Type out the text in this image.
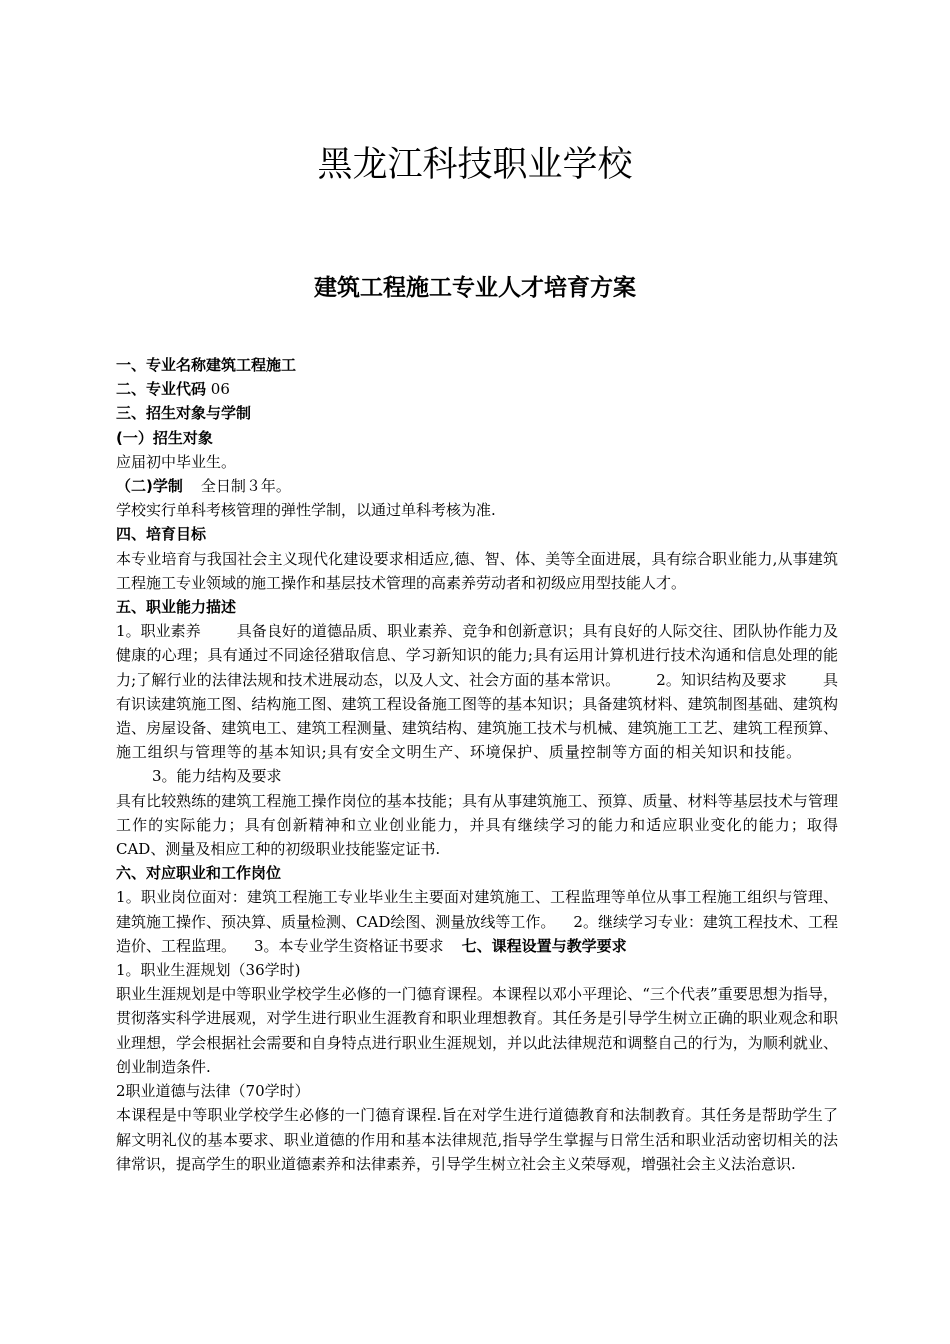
黑龙江科技职业学校
建筑工程施工专业人才培育方案

一、专业名称建筑工程施工

二、专业代码 06

三、招生对象与学制

(一）招生对象

应届初中毕业生。

（二)学制 全日制３年。

学校实行单科考核管理的弹性学制，以通过单科考核为准.

四、培育目标

本专业培育与我国社会主义现代化建设要求相适应,德、智、体、美等全面进展，具有综合职业能力,从事建筑工程施工专业领域的施工操作和基层技术管理的高素养劳动者和初级应用型技能人才。

五、职业能力描述

1。职业素养 具备良好的道德品质、职业素养、竞争和创新意识；具有良好的人际交往、团队协作能力及健康的心理；具有通过不同途径猎取信息、学习新知识的能力;具有运用计算机进行技术沟通和信息处理的能力;了解行业的法律法规和技术进展动态，以及人文、社会方面的基本常识。 2。知识结构及要求 具有识读建筑施工图、结构施工图、建筑工程设备施工图等的基本知识；具备建筑材料、建筑制图基础、建筑构造、房屋设备、建筑电工、建筑工程测量、建筑结构、建筑施工技术与机械、建筑施工工艺、建筑工程预算、施工组织与管理等的基本知识;具有安全文明生产、环境保护、质量控制等方面的相关知识和技能。3。能力结构及要求

具有比较熟练的建筑工程施工操作岗位的基本技能；具有从事建筑施工、预算、质量、材料等基层技术与管理工作的实际能力；具有创新精神和立业创业能力，并具有继续学习的能力和适应职业变化的能力；取得CAD、测量及相应工种的初级职业技能鉴定证书.

六、对应职业和工作岗位

1。职业岗位面对：建筑工程施工专业毕业生主要面对建筑施工、工程监理等单位从事工程施工组织与管理、建筑施工操作、预决算、质量检测、CAD绘图、测量放线等工作。 2。继续学习专业：建筑工程技术、工程造价、工程监理。 3。本专业学生资格证书要求 七、课程设置与教学要求

1。职业生涯规划（36学时)

职业生涯规划是中等职业学校学生必修的一门德育课程。本课程以邓小平理论、“三个代表”重要思想为指导，贯彻落实科学进展观，对学生进行职业生涯教育和职业理想教育。其任务是引导学生树立正确的职业观念和职业理想，学会根据社会需要和自身特点进行职业生涯规划，并以此法律规范和调整自己的行为，为顺利就业、创业制造条件.

2职业道德与法律（70学时）

本课程是中等职业学校学生必修的一门德育课程.旨在对学生进行道德教育和法制教育。其任务是帮助学生了解文明礼仪的基本要求、职业道德的作用和基本法律规范,指导学生掌握与日常生活和职业活动密切相关的法律常识，提高学生的职业道德素养和法律素养，引导学生树立社会主义荣辱观，增强社会主义法治意识.
